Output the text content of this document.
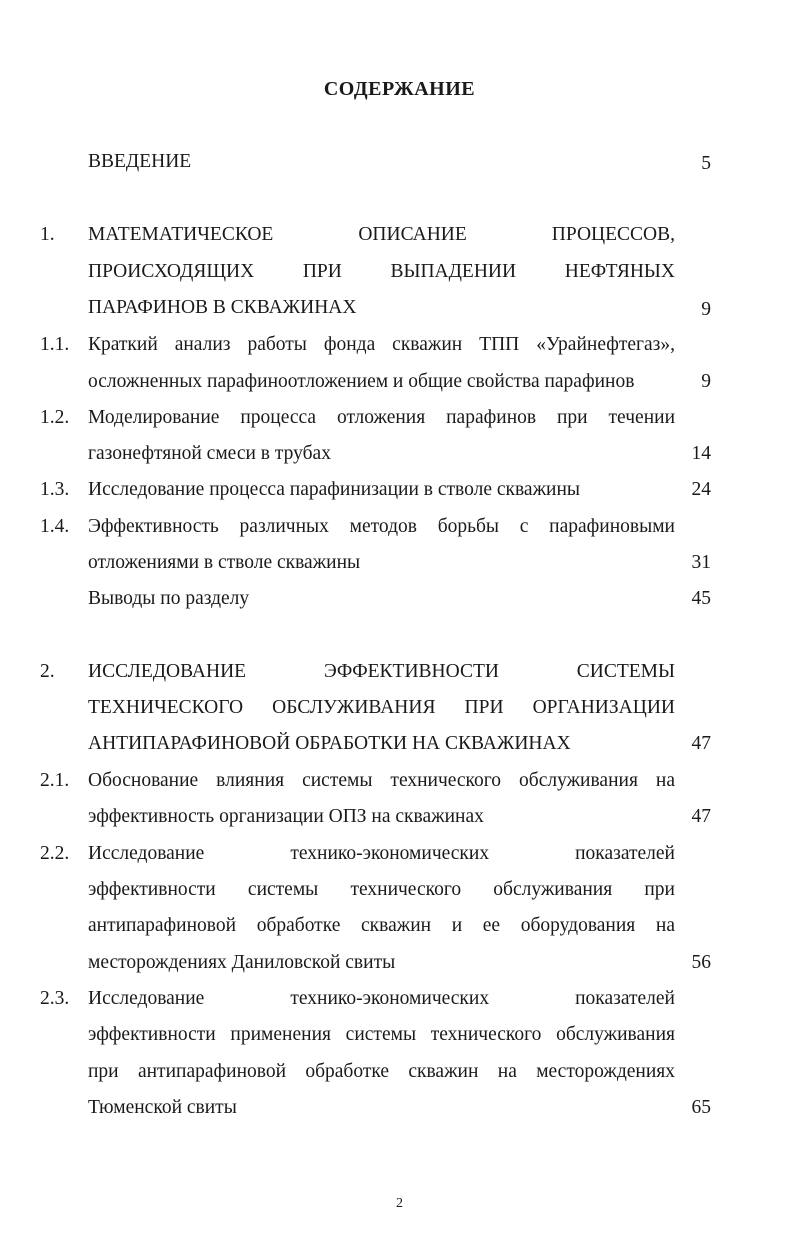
СОДЕРЖАНИЕ
ВВЕДЕНИЕ	5
1. МАТЕМАТИЧЕСКОЕ ОПИСАНИЕ ПРОЦЕССОВ,
ПРОИСХОДЯЩИХ ПРИ ВЫПАДЕНИИ НЕФТЯНЫХ
ПАРАФИНОВ В СКВАЖИНАХ	9
1.1. Краткий анализ работы фонда скважин ТПП «Урайнефтегаз»,
осложненных парафиноотложением и общие свойства парафинов	9
1.2. Моделирование процесса отложения парафинов при течении
газонефтяной смеси в трубах	14
1.3. Исследование процесса парафинизации в стволе скважины	24
1.4. Эффективность различных методов борьбы с парафиновыми
отложениями в стволе скважины	31
Выводы по разделу	45
2. ИССЛЕДОВАНИЕ ЭФФЕКТИВНОСТИ СИСТЕМЫ
ТЕХНИЧЕСКОГО ОБСЛУЖИВАНИЯ ПРИ ОРГАНИЗАЦИИ
АНТИПАРАФИНОВОЙ ОБРАБОТКИ НА СКВАЖИНАХ	47
2.1. Обоснование влияния системы технического обслуживания на
эффективность организации ОПЗ на скважинах	47
2.2. Исследование технико-экономических показателей
эффективности системы технического обслуживания при
антипарафиновой обработке скважин и ее оборудования на
месторождениях Даниловской свиты	56
2.3. Исследование технико-экономических показателей
эффективности применения системы технического обслуживания
при антипарафиновой обработке скважин на месторождениях
Тюменской свиты	65
2
